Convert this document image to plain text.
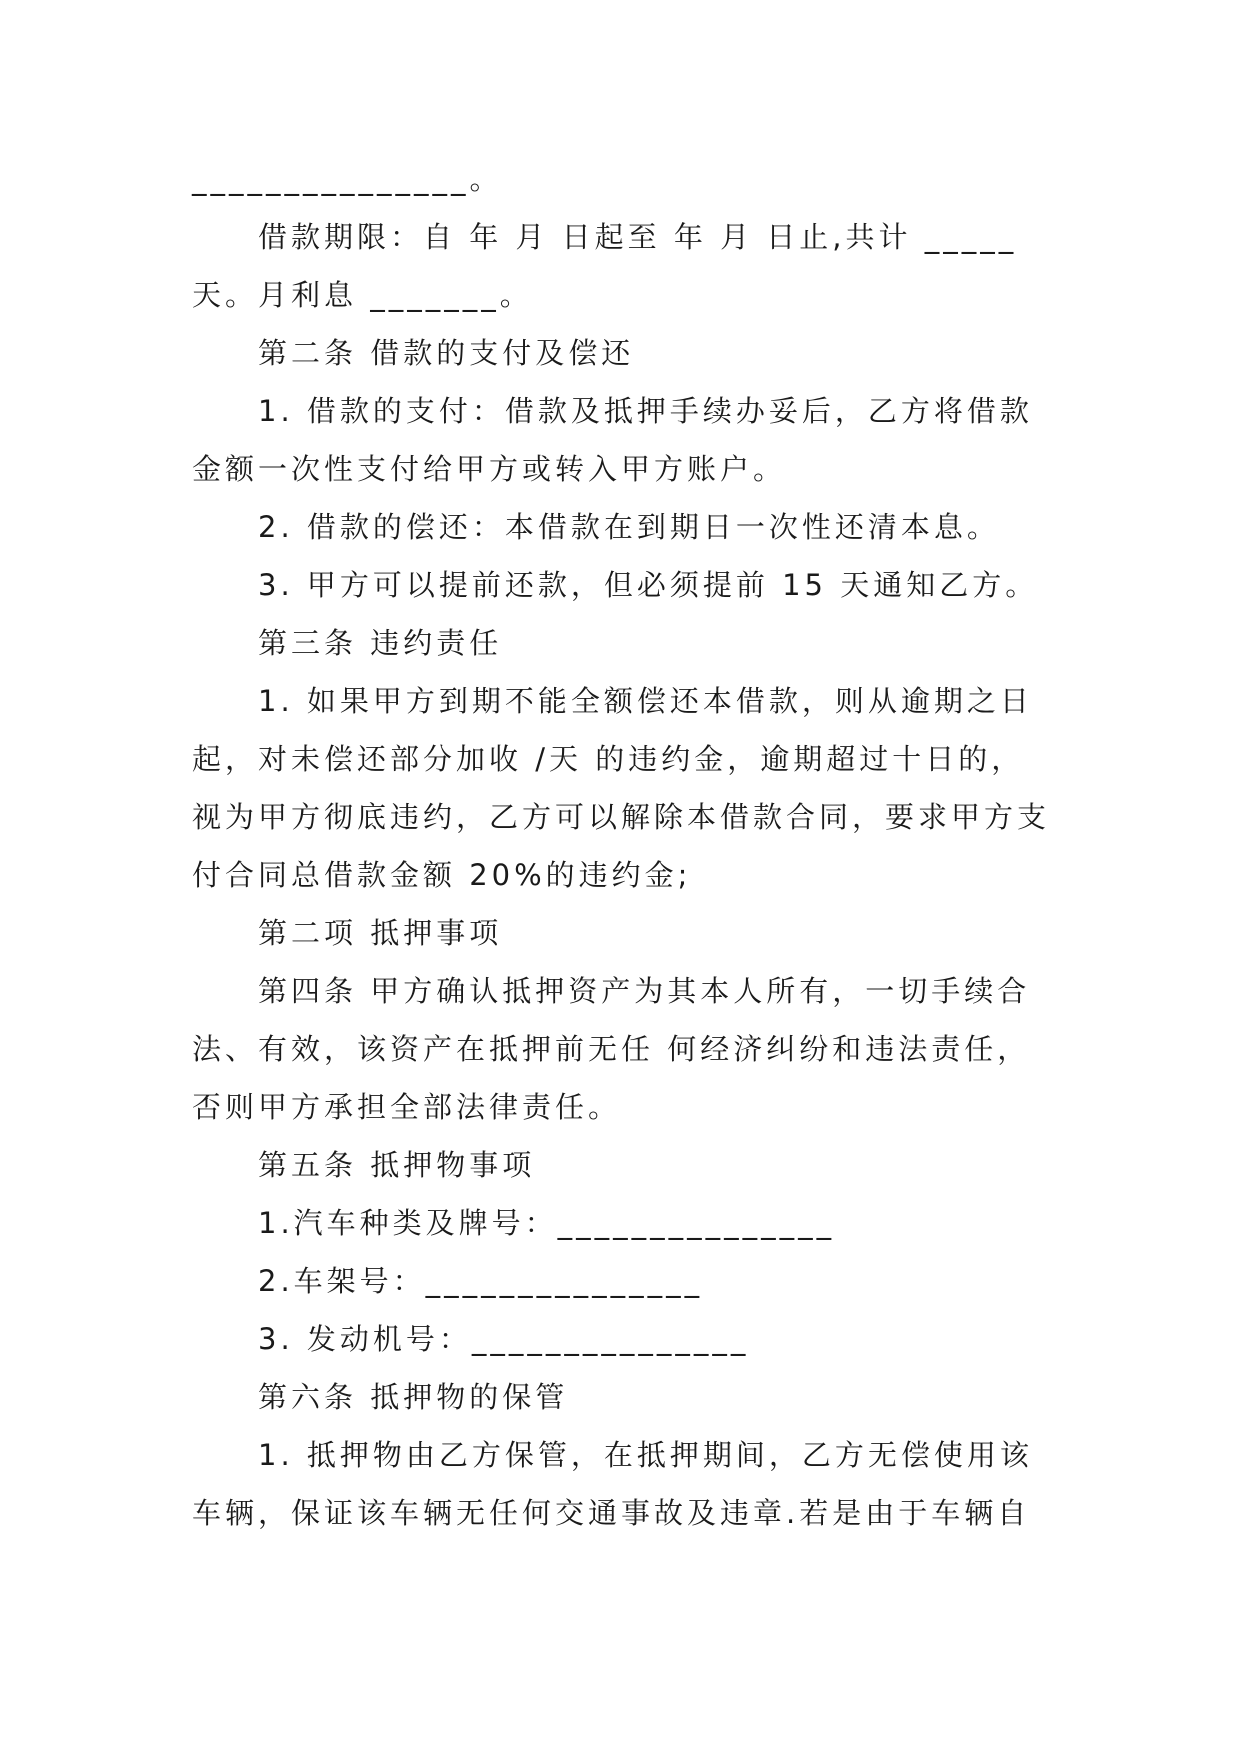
_______________。
借款期限：自 年 月 日起至 年 月 日止,共计 _____
天。月利息 _______。
第二条 借款的支付及偿还
1. 借款的支付：借款及抵押手续办妥后，乙方将借款
金额一次性支付给甲方或转入甲方账户。
2. 借款的偿还：本借款在到期日一次性还清本息。
3. 甲方可以提前还款，但必须提前 15 天通知乙方。
第三条 违约责任
1. 如果甲方到期不能全额偿还本借款，则从逾期之日
起，对未偿还部分加收 /天 的违约金，逾期超过十日的，
视为甲方彻底违约，乙方可以解除本借款合同，要求甲方支
付合同总借款金额 20%的违约金;
第二项 抵押事项
第四条 甲方确认抵押资产为其本人所有，一切手续合
法、有效，该资产在抵押前无任 何经济纠纷和违法责任，
否则甲方承担全部法律责任。
第五条 抵押物事项
1.汽车种类及牌号：_______________
2.车架号：_______________
3. 发动机号：_______________
第六条 抵押物的保管
1. 抵押物由乙方保管，在抵押期间，乙方无偿使用该
车辆，保证该车辆无任何交通事故及违章.若是由于车辆自
